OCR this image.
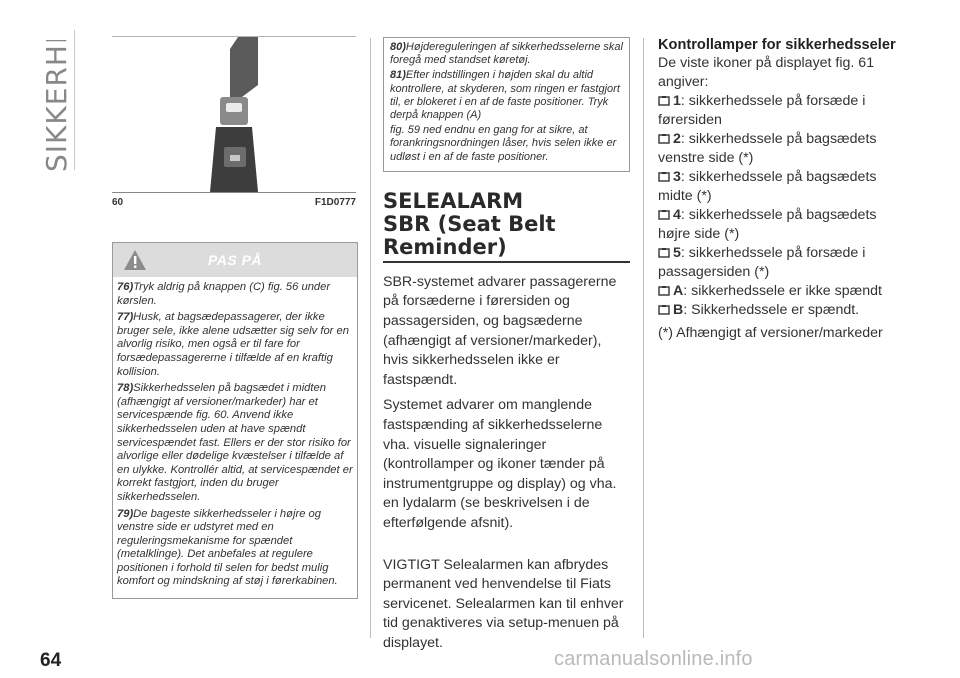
SIKKERHED
60	F1D0777
PAS PÅ

76)Tryk aldrig på knappen (C) fig. 56 under kørslen.

77)Husk, at bagsædepassagerer, der ikke bruger sele, ikke alene udsætter sig selv for en alvorlig risiko, men også er til fare for forsædepassagererne i tilfælde af en kraftig kollision.

78)Sikkerhedsselen på bagsædet i midten (afhængigt af versioner/markeder) har et servicespænde fig. 60. Anvend ikke sikkerhedsselen uden at have spændt servicespændet fast. Ellers er der stor risiko for alvorlige eller dødelige kvæstelser i tilfælde af en ulykke. Kontrollér altid, at servicespændet er korrekt fastgjort, inden du bruger sikkerhedsselen.

79)De bageste sikkerhedsseler i højre og venstre side er udstyret med en reguleringsmekanisme for spændet (metalklinge). Det anbefales at regulere positionen i forhold til selen for bedst mulig komfort og mindskning af støj i førerkabinen.

80)Højdereguleringen af sikkerhedsselerne skal foregå med standset køretøj.

81)Efter indstillingen i højden skal du altid kontrollere, at skyderen, som ringen er fastgjort til, er blokeret i en af de faste positioner. Tryk derpå knappen (A)

fig. 59 ned endnu en gang for at sikre, at forankringsnordningen låser, hvis selen ikke er udløst i en af de faste positioner.

SELEALARM
SBR (Seat Belt
Reminder)

SBR-systemet advarer passagererne på forsæderne i førersiden og passagersiden, og bagsæderne (afhængigt af versioner/markeder), hvis sikkerhedsselen ikke er fastspændt.

Systemet advarer om manglende fastspænding af sikkerhedsselerne vha. visuelle signaleringer (kontrollamper og ikoner tænder på instrumentgruppe og display) og vha. en lydalarm (se beskrivelsen i de efterfølgende afsnit).

VIGTIGT Selealarmen kan afbrydes permanent ved henvendelse til Fiats servicenet. Selealarmen kan til enhver tid genaktiveres via setup-menuen på displayet.

Kontrollamper for sikkerhedsseler

De viste ikoner på displayet fig. 61 angiver:

1: sikkerhedssele på forsæde i førersiden
2: sikkerhedssele på bagsædets venstre side (*)
3: sikkerhedssele på bagsædets midte (*)
4: sikkerhedssele på bagsædets højre side (*)
5: sikkerhedssele på forsæde i passagersiden (*)
A: sikkerhedssele er ikke spændt
B: Sikkerhedssele er spændt.

(*) Afhængigt af versioner/markeder

64	carmanualsonline.info
